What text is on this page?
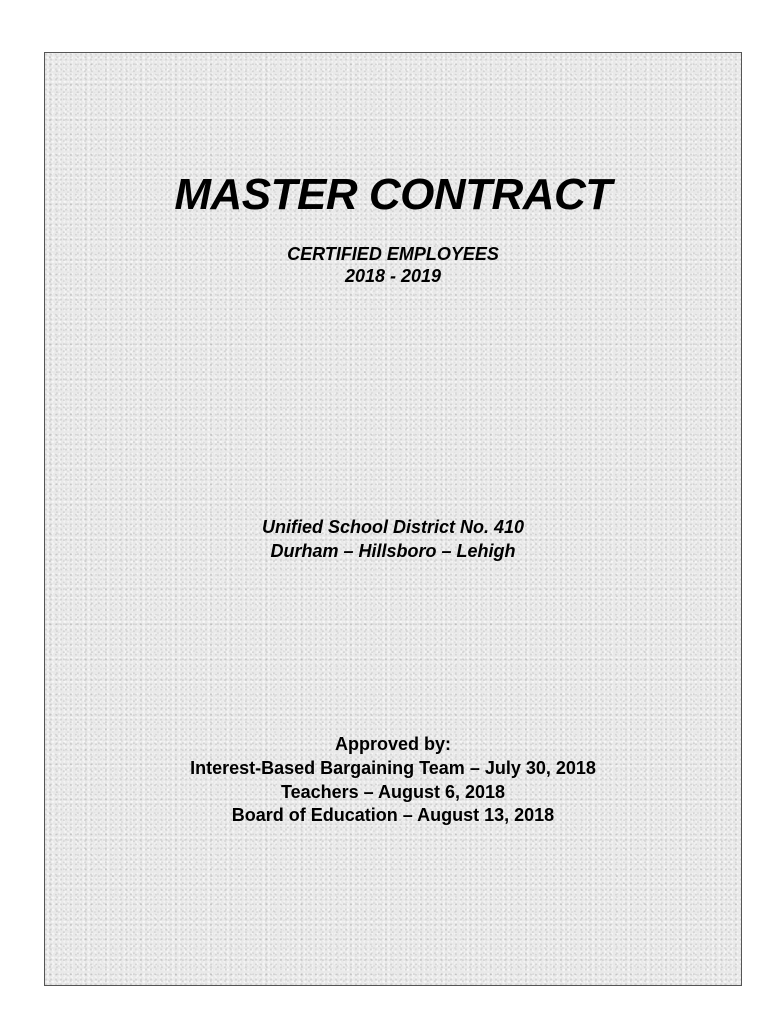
MASTER CONTRACT

CERTIFIED EMPLOYEES

2018 - 2019

Unified School District No. 410

Durham – Hillsboro – Lehigh

Approved by:

Interest-Based Bargaining Team – July 30, 2018

Teachers – August 6, 2018

Board of Education – August 13, 2018
